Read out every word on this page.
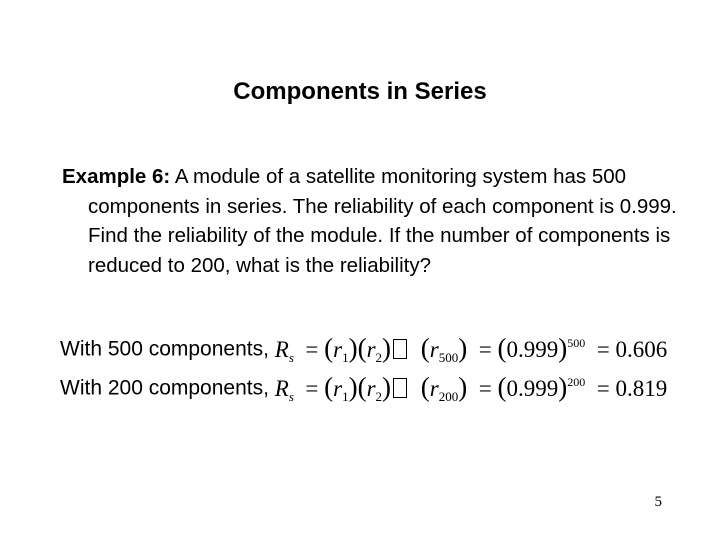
Components in Series
Example 6: A module of a satellite monitoring system has 500 components in series. The reliability of each component is 0.999. Find the reliability of the module. If the number of components is reduced to 200, what is the reliability?
With 500 components, $R_s = (r_1)(r_2) (r_{500}) = (0.999)^{500} = 0.606$
With 200 components, $R_s = (r_1)(r_2) (r_{200}) = (0.999)^{200} = 0.819$
5
